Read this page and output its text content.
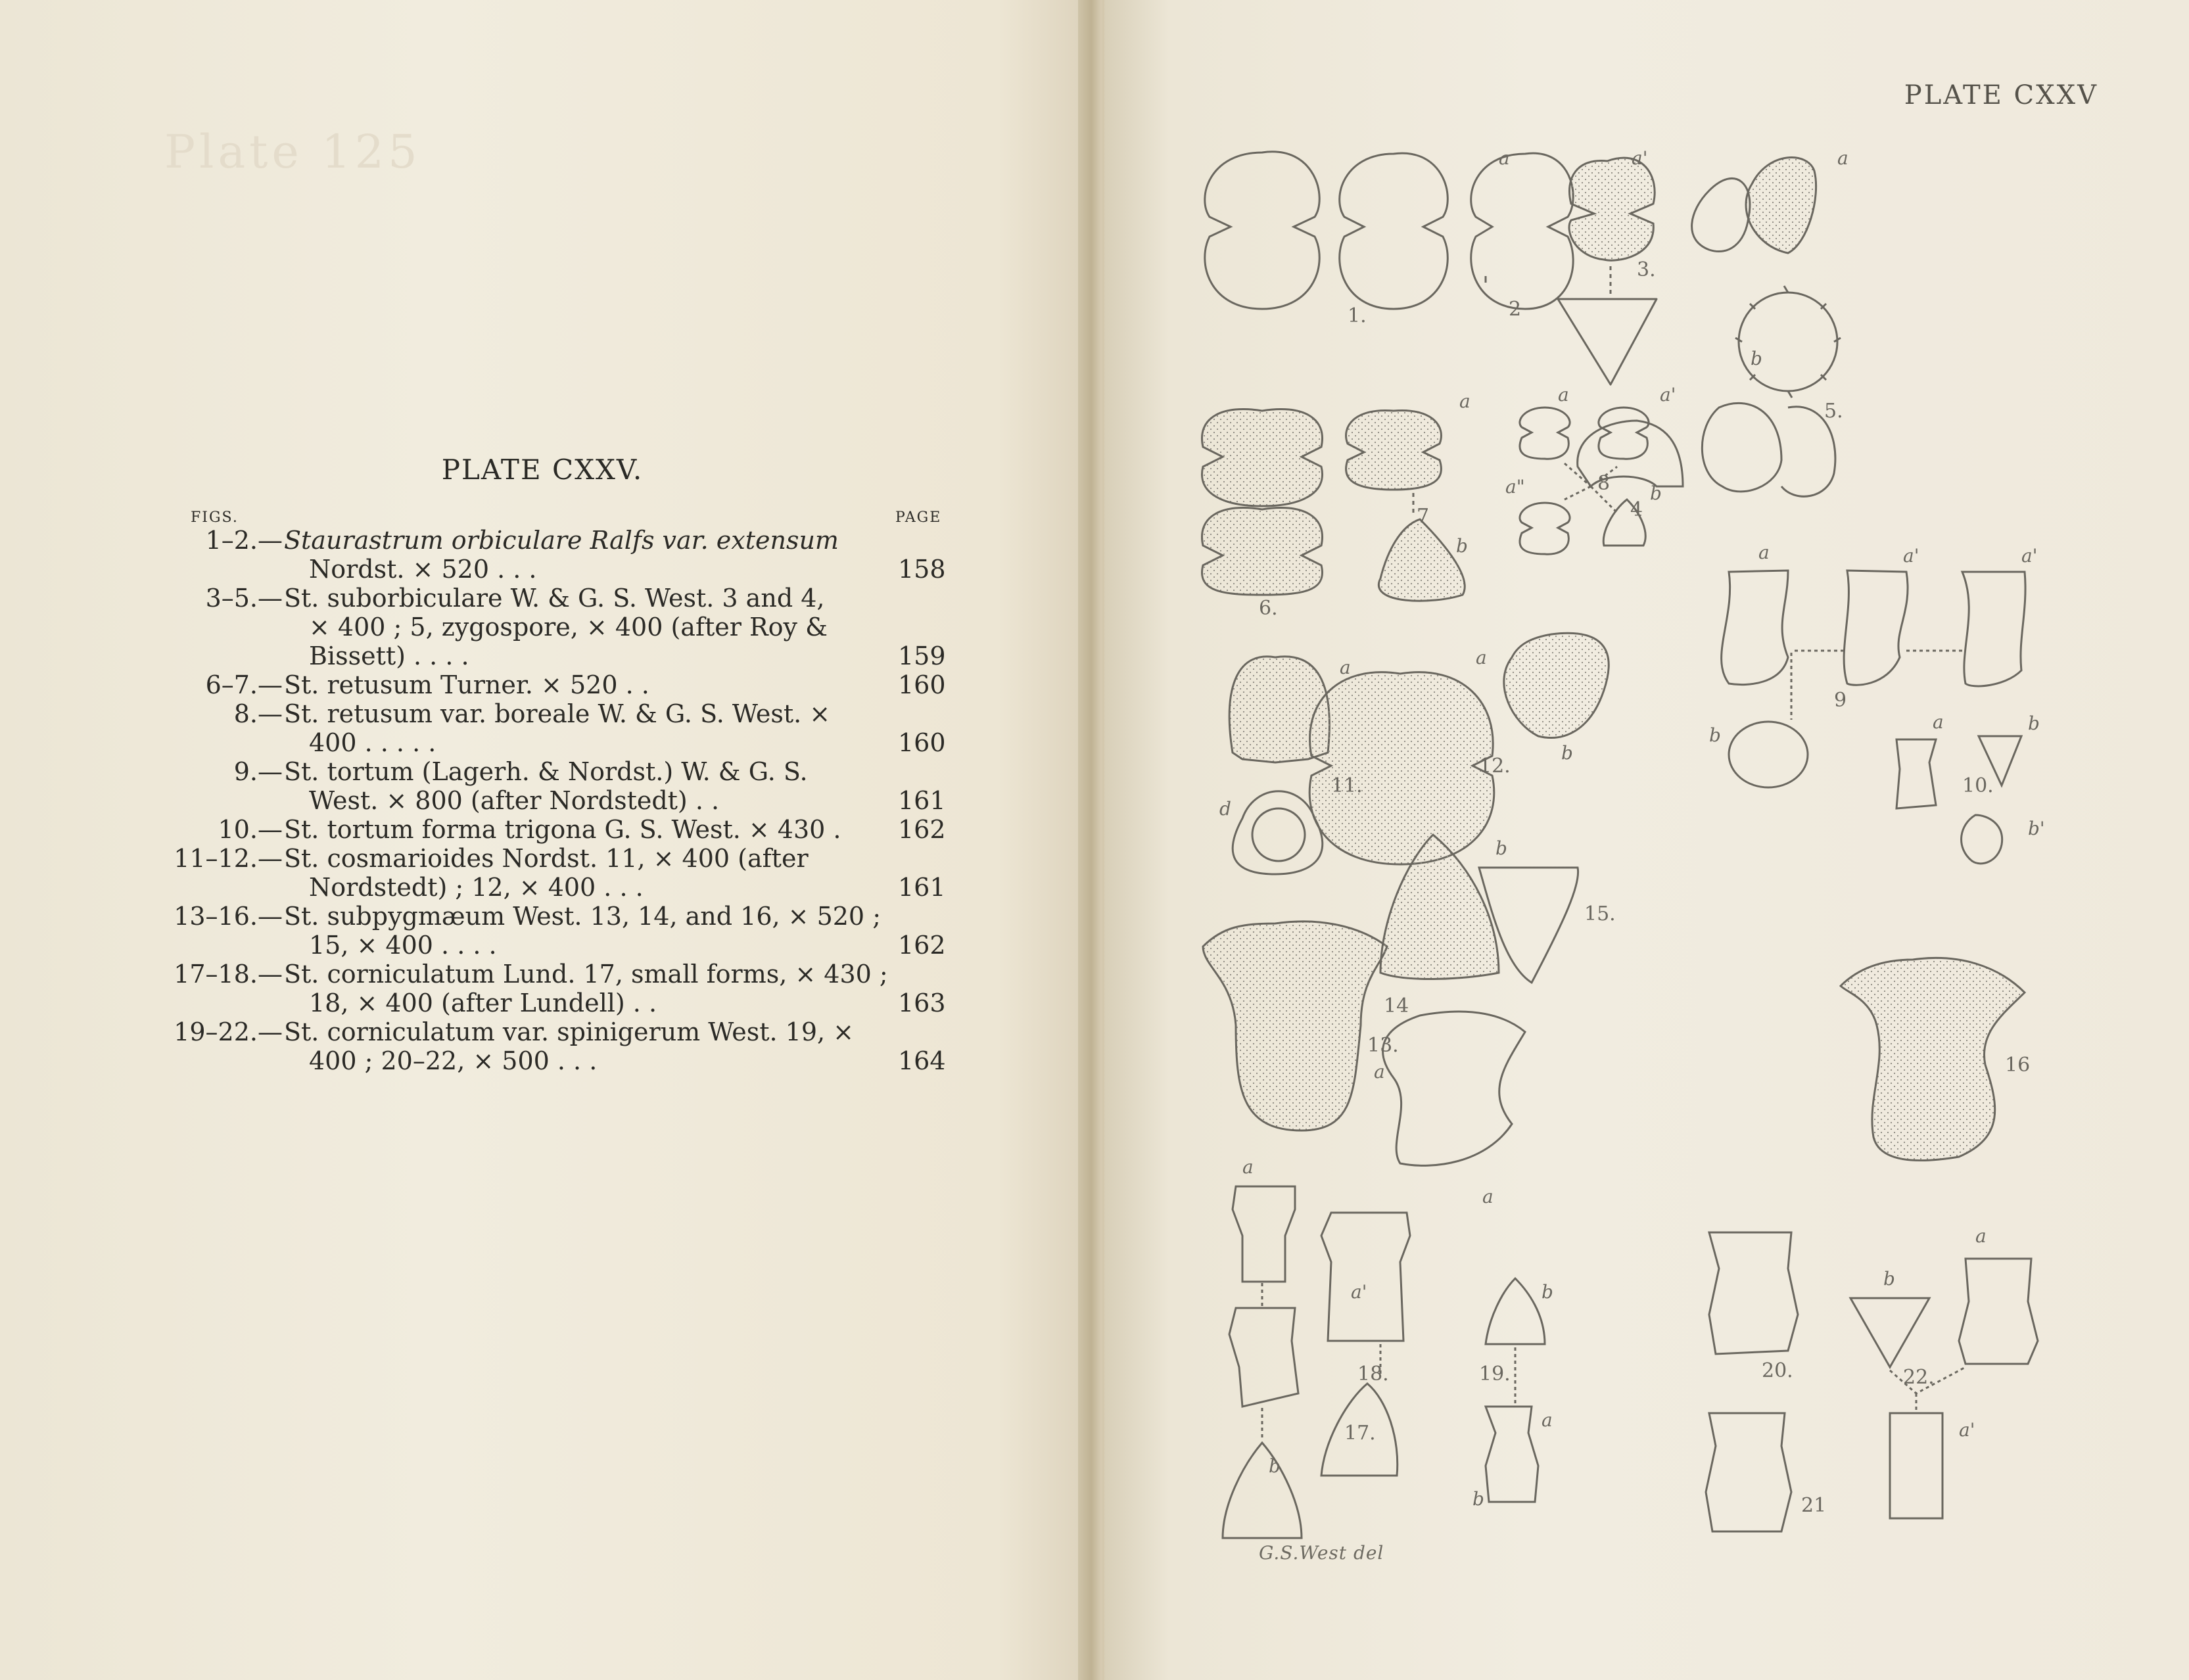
Plate 125
PLATE CXXV.
FIGS.	PAGE
1–2.— Staurastrum orbiculare Ralfs var. extensum
Nordst. × 520 . . .	158
3–5.— St. suborbiculare W. & G. S. West. 3 and 4,
× 400 ; 5, zygospore, × 400 (after Roy &
Bissett) . . . .	159
6–7.— St. retusum Turner. × 520 . .	160
8.— St. retusum var. boreale W. & G. S. West. ×
400 . . . . .	160
9.— St. tortum (Lagerh. & Nordst.) W. & G. S.
West. × 800 (after Nordstedt) . .	161
10.— St. tortum forma trigona G. S. West. × 430 . 162
11–12.— St. cosmarioides Nordst. 11, × 400 (after
Nordstedt) ; 12, × 400 . . .	161
13–16.— St. subpygmæum West. 13, 14, and 16, × 520 ;
15, × 400 . . . .	162
17–18.— St. corniculatum Lund. 17, small forms, × 430 ;
18, × 400 (after Lundell) . .	163
19–22.— St. corniculatum var. spinigerum West. 19, ×
400 ; 20–22, × 500 . . .	164
PLATE CXXV
1.	2
3.
4
5.
6.
7
8
9
10.
11.
12.
13.
14
15.
16
17.
18.	19.	20.
21
22.
a	a'	a
b
a
b
a	a'
a"	b
a	a'	a'
b
a	b
b'
a
d
a
b
b
a
a
a'
b
a
b
b
a
b
a
a'
G.S.West del
